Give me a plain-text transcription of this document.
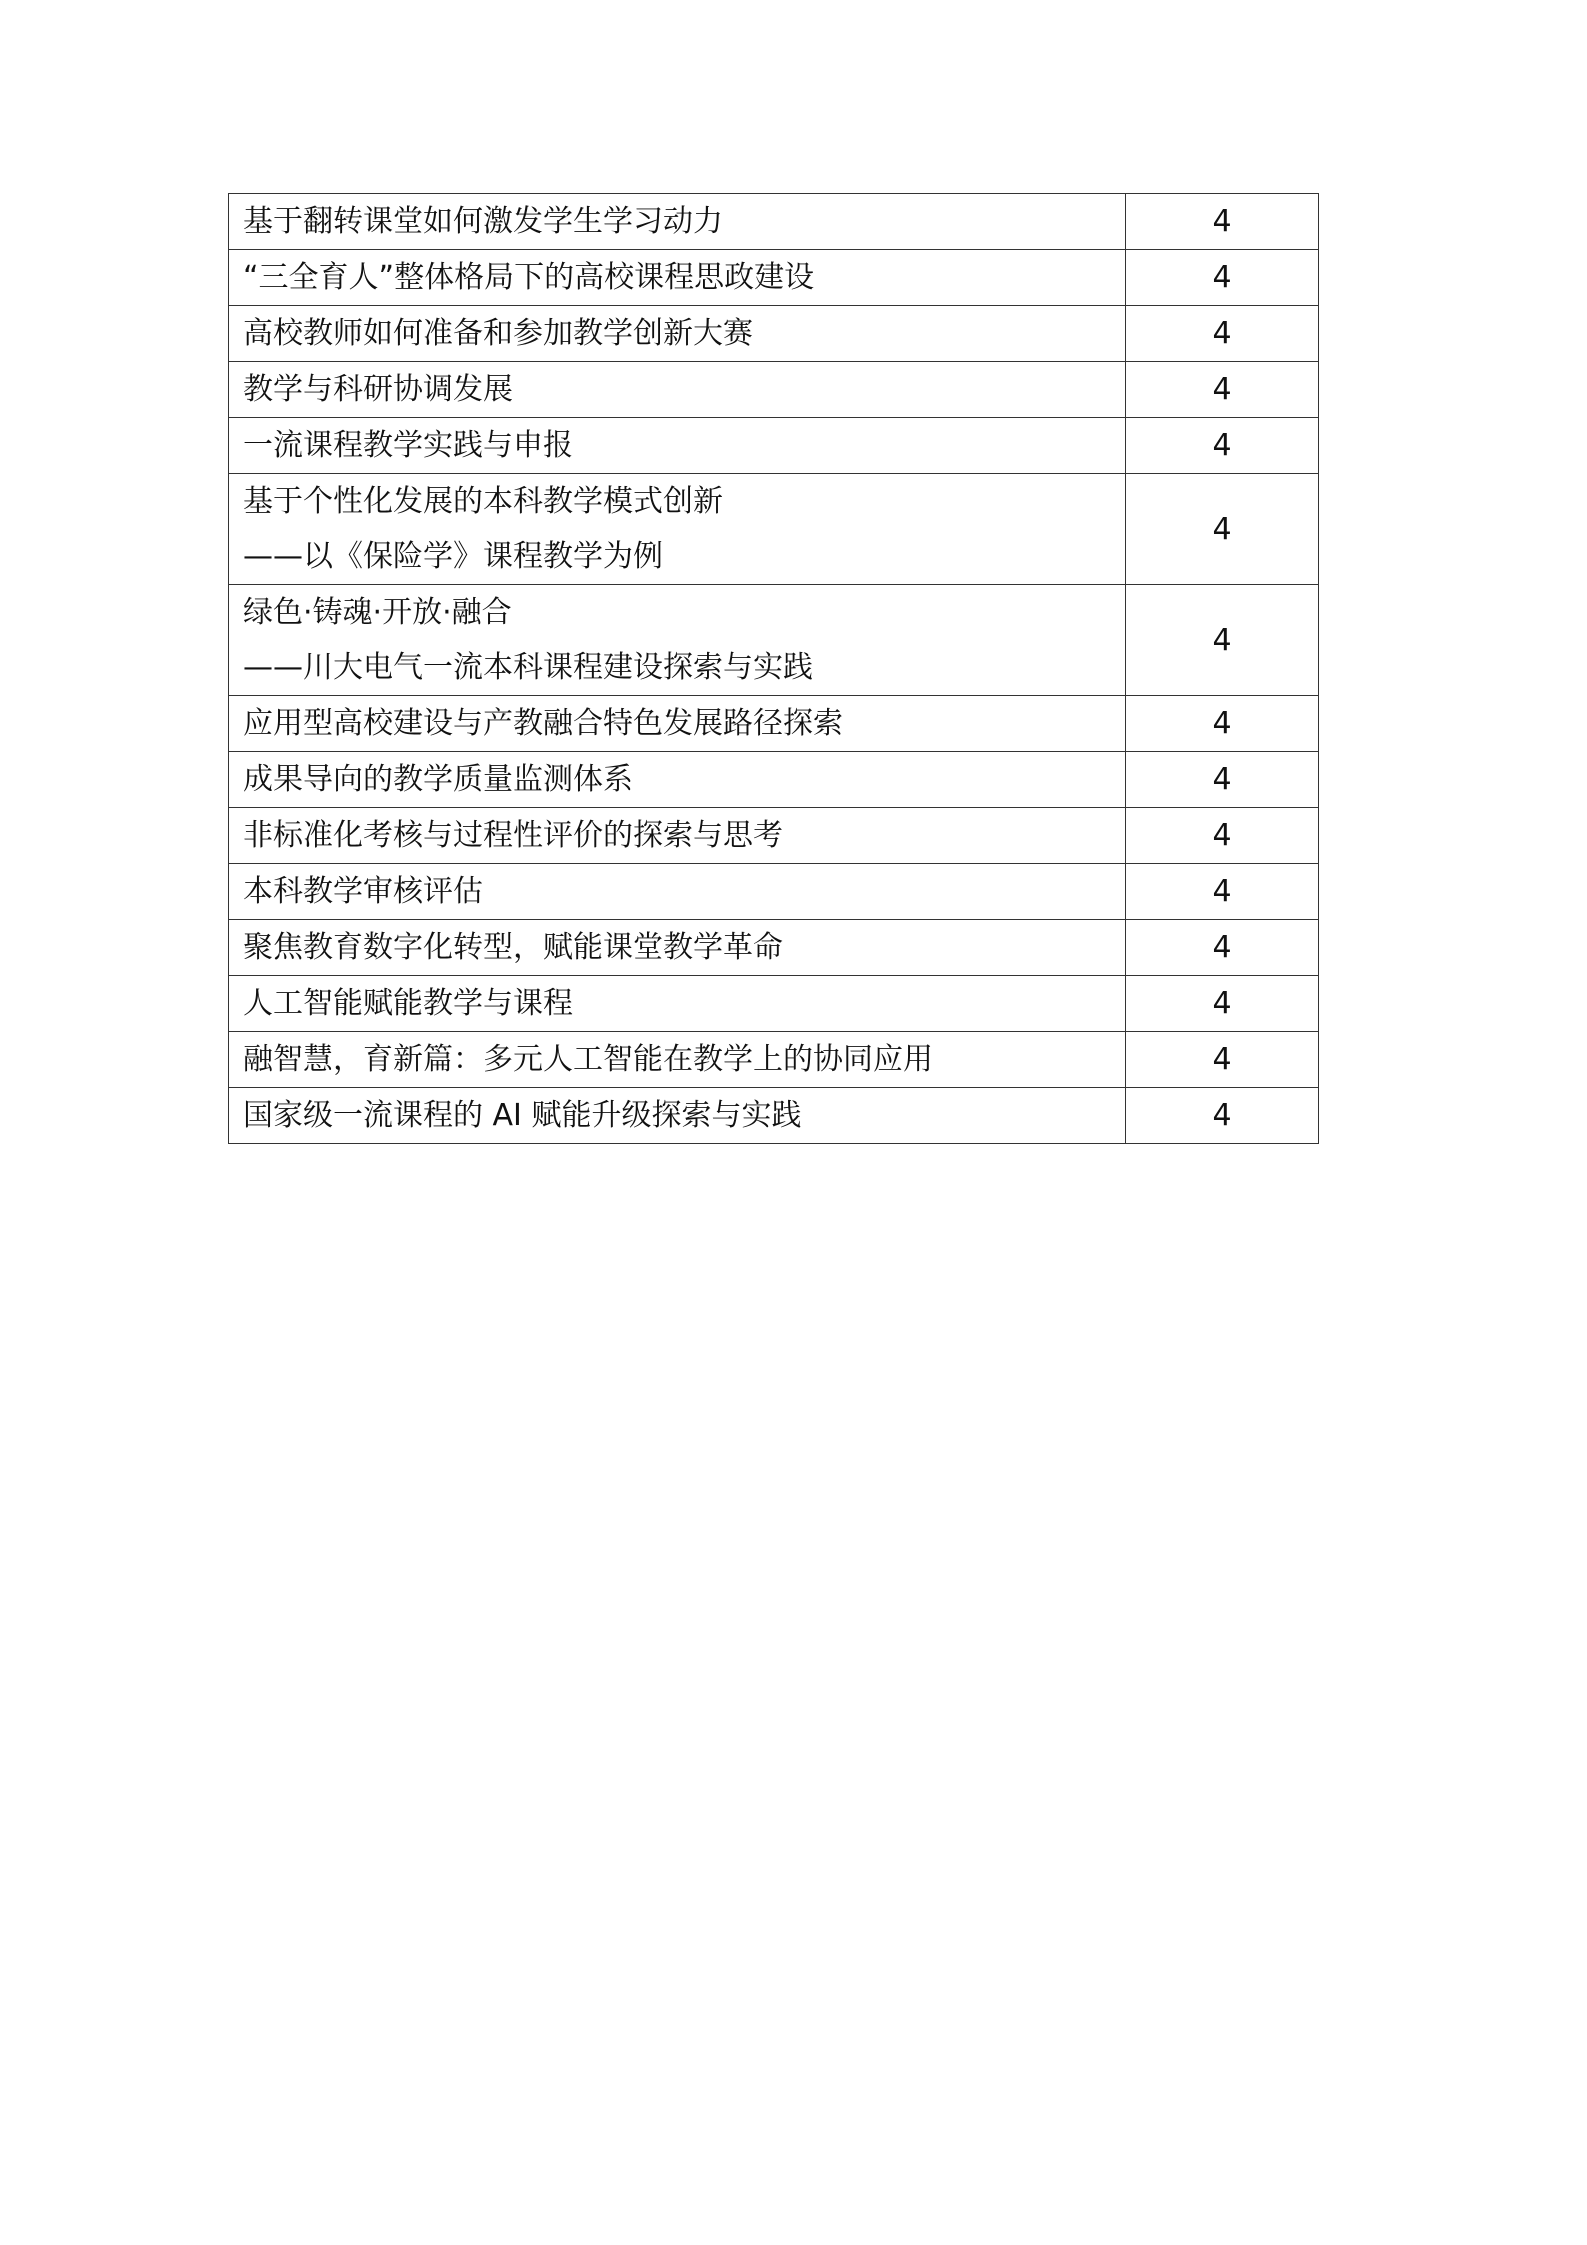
基于翻转课堂如何激发学生学习动力	4

“三全育人”整体格局下的高校课程思政建设	4

高校教师如何准备和参加教学创新大赛	4

教学与科研协调发展	4

一流课程教学实践与申报	4

基于个性化发展的本科教学模式创新
——以《保险学》课程教学为例	4

绿色·铸魂·开放·融合
——川大电气一流本科课程建设探索与实践	4

应用型高校建设与产教融合特色发展路径探索	4

成果导向的教学质量监测体系	4

非标准化考核与过程性评价的探索与思考	4

本科教学审核评估	4

聚焦教育数字化转型，赋能课堂教学革命	4

人工智能赋能教学与课程	4

融智慧，育新篇：多元人工智能在教学上的协同应用	4

国家级一流课程的 AI 赋能升级探索与实践	4
